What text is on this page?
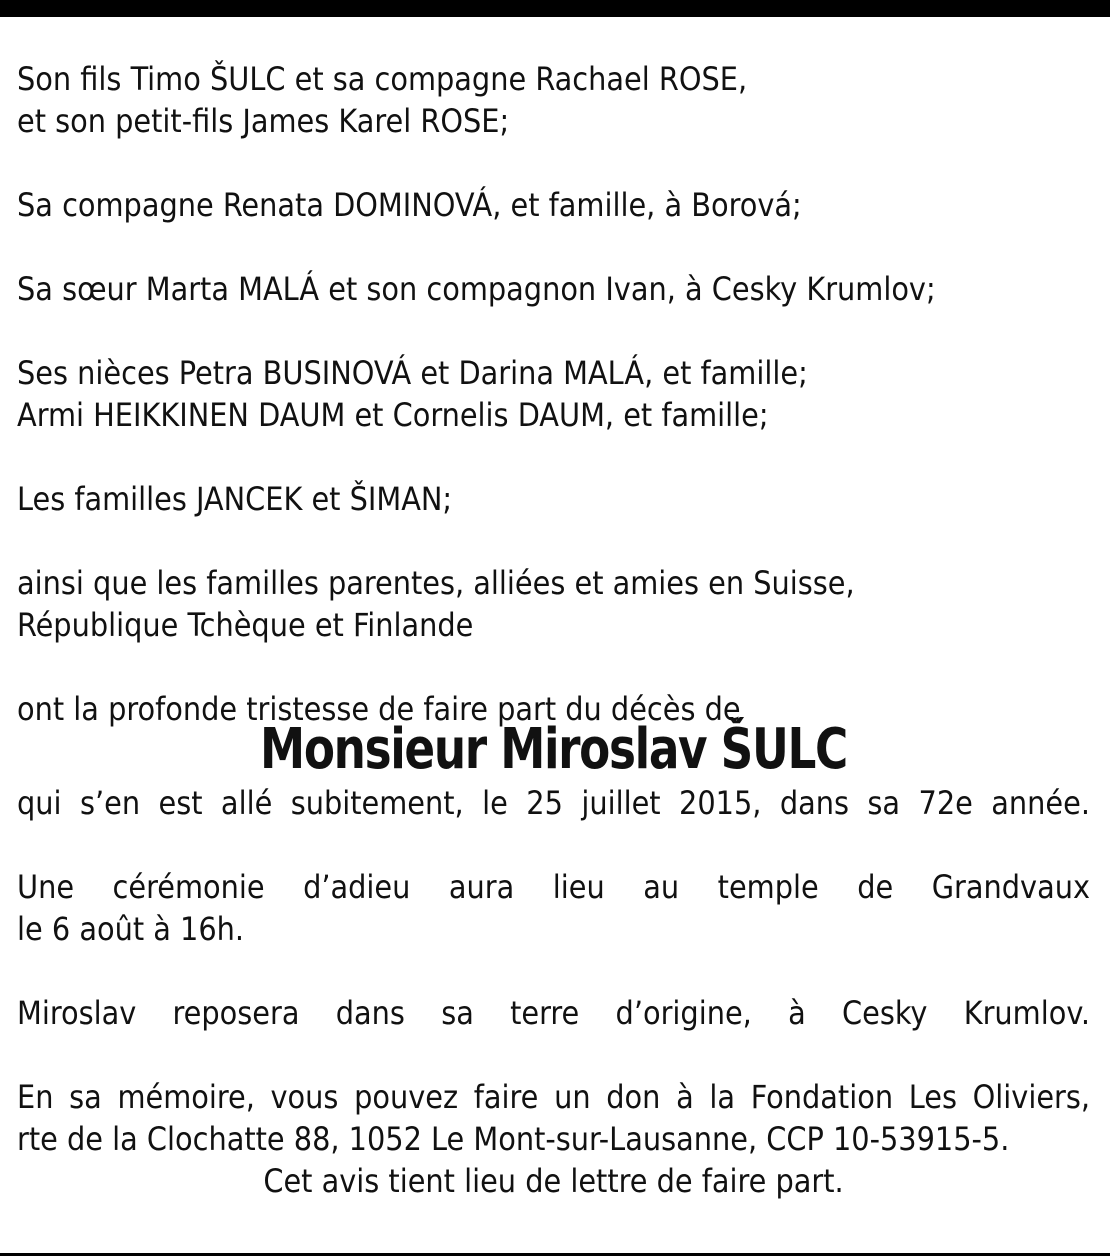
Son fils Timo ŠULC et sa compagne Rachael ROSE,
et son petit-fils James Karel ROSE;
Sa compagne Renata DOMINOVÁ, et famille, à Borová;
Sa sœur Marta MALÁ et son compagnon Ivan, à Cesky Krumlov;
Ses nièces Petra BUSINOVÁ et Darina MALÁ, et famille;
Armi HEIKKINEN DAUM et Cornelis DAUM, et famille;
Les familles JANCEK et ŠIMAN;
ainsi que les familles parentes, alliées et amies en Suisse,
République Tchèque et Finlande
ont la profonde tristesse de faire part du décès de
Monsieur Miroslav ŠULC
qui s’en est allé subitement, le 25 juillet 2015, dans sa 72e année.
Une cérémonie d’adieu aura lieu au temple de Grandvaux
le 6 août à 16h.
Miroslav reposera dans sa terre d’origine, à Cesky Krumlov.
En sa mémoire, vous pouvez faire un don à la Fondation Les Oliviers,
rte de la Clochatte 88, 1052 Le Mont-sur-Lausanne, CCP 10-53915-5.
Cet avis tient lieu de lettre de faire part.
